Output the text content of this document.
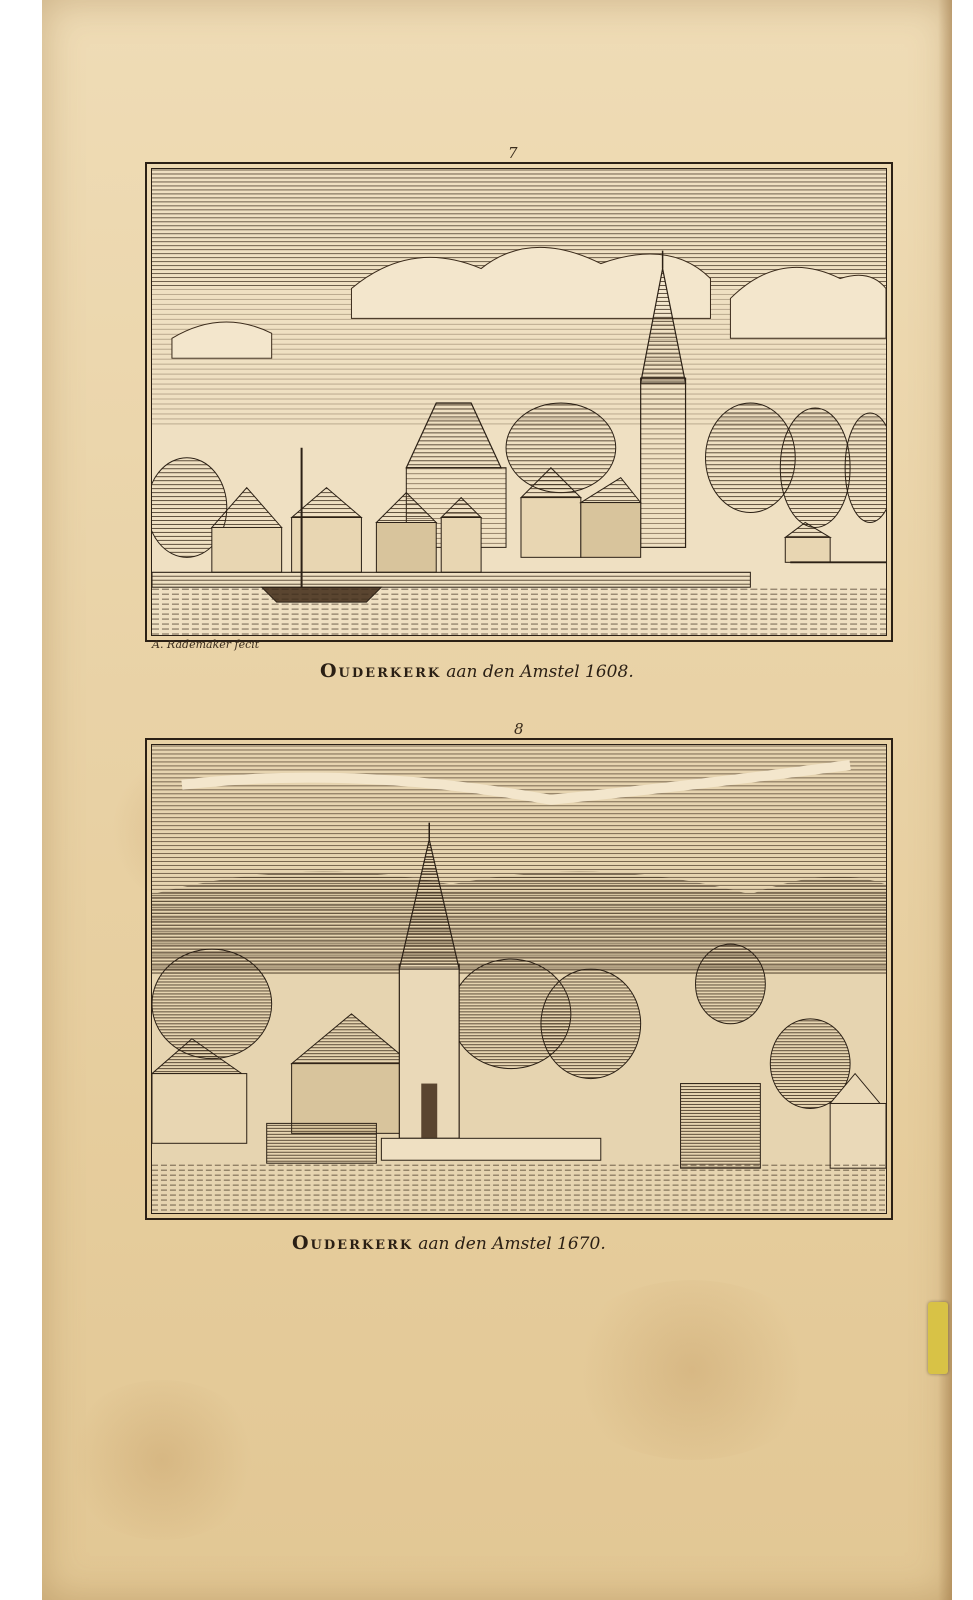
7
A. Rademaker fecit
Ouderkerk aan den Amstel 1608.
8
Ouderkerk aan den Amstel 1670.
